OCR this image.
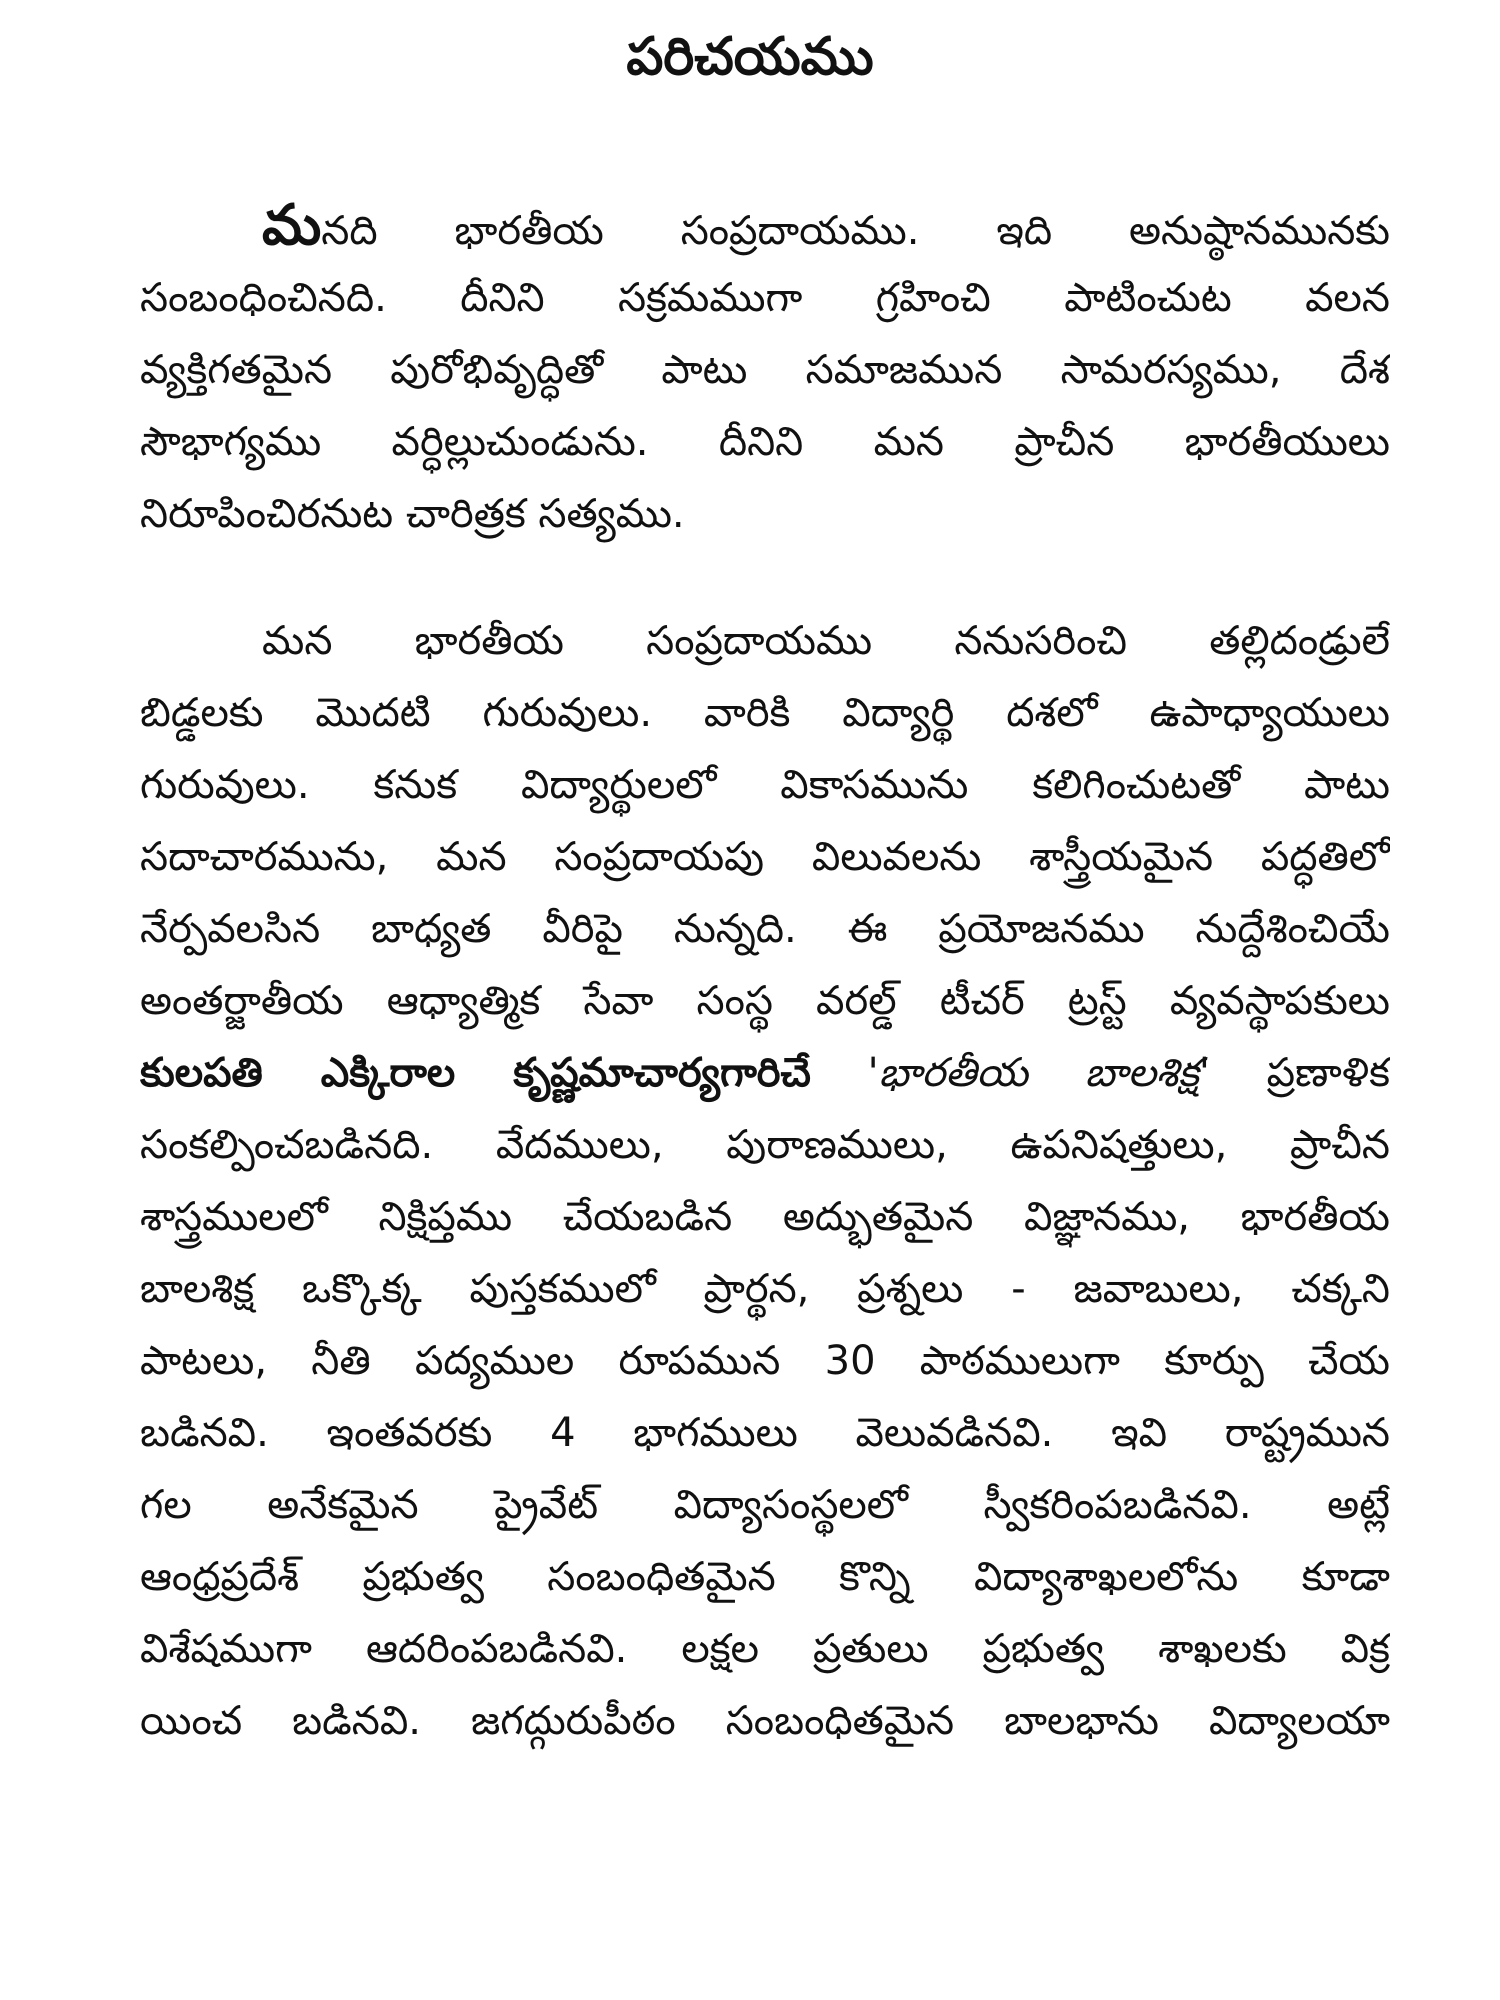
పరిచయము
మనది భారతీయ సంప్రదాయము. ఇది అనుష్ఠానమునకు
సంబంధించినది. దీనిని సక్రమముగా గ్రహించి పాటించుట వలన
వ్యక్తిగతమైన పురోభివృద్ధితో పాటు సమాజమున సామరస్యము, దేశ
సౌభాగ్యము వర్ధిల్లుచుండును. దీనిని మన ప్రాచీన భారతీయులు
నిరూపించిరనుట చారిత్రక సత్యము.
మన భారతీయ సంప్రదాయము ననుసరించి తల్లిదండ్రులే
బిడ్డలకు మొదటి గురువులు. వారికి విద్యార్థి దశలో ఉపాధ్యాయులు
గురువులు. కనుక విద్యార్థులలో వికాసమును కలిగించుటతో పాటు
సదాచారమును, మన సంప్రదాయపు విలువలను శాస్త్రీయమైన పద్ధతిలో
నేర్పవలసిన బాధ్యత వీరిపై నున్నది. ఈ ప్రయోజనము నుద్దేశించియే
అంతర్జాతీయ ఆధ్యాత్మిక సేవా సంస్థ వరల్డ్ టీచర్ ట్రస్ట్ వ్యవస్థాపకులు
కులపతి ఎక్కిరాల కృష్ణమాచార్యగారిచే 'భారతీయ బాలశిక్ష' ప్రణాళిక
సంకల్పించబడినది. వేదములు, పురాణములు, ఉపనిషత్తులు, ప్రాచీన
శాస్త్రములలో నిక్షిప్తము చేయబడిన అద్భుతమైన విజ్ఞానము, భారతీయ
బాలశిక్ష ఒక్కొక్క పుస్తకములో ప్రార్థన, ప్రశ్నలు - జవాబులు, చక్కని
పాటలు, నీతి పద్యముల రూపమున 30 పాఠములుగా కూర్పు చేయ
బడినవి. ఇంతవరకు 4 భాగములు వెలువడినవి. ఇవి రాష్ట్రమున
గల అనేకమైన ప్రైవేట్ విద్యాసంస్థలలో స్వీకరింపబడినవి. అట్లే
ఆంధ్రప్రదేశ్ ప్రభుత్వ సంబంధితమైన కొన్ని విద్యాశాఖలలోను కూడా
విశేషముగా ఆదరింపబడినవి. లక్షల ప్రతులు ప్రభుత్వ శాఖలకు విక్ర
యించ బడినవి. జగద్గురుపీఠం సంబంధితమైన బాలభాను విద్యాలయా
